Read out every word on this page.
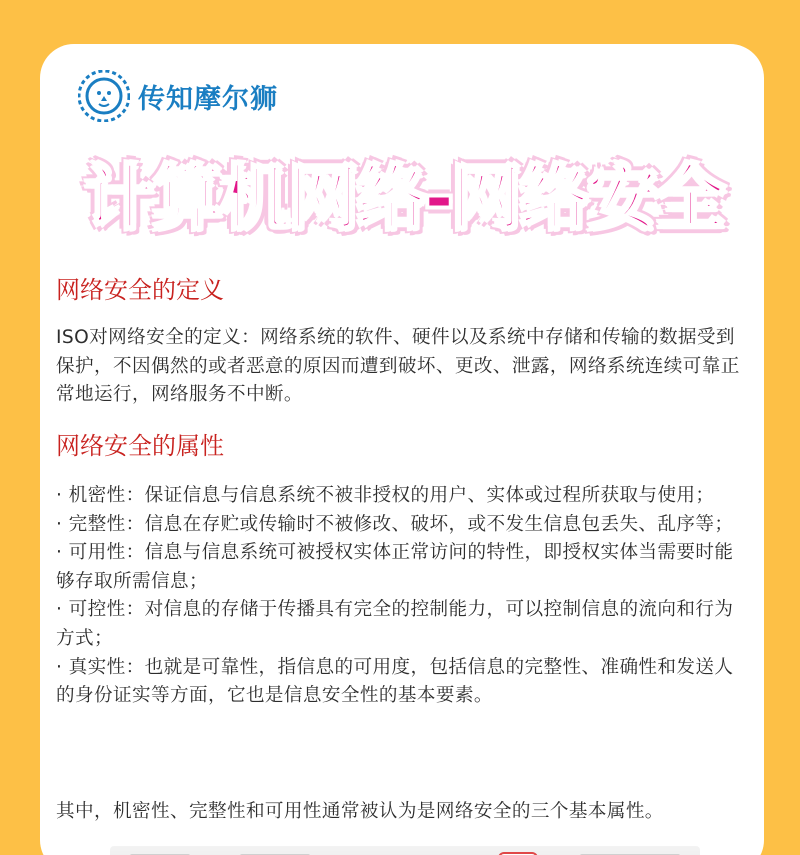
传知摩尔狮
计算机网络-网络安全
网络安全的定义
ISO对网络安全的定义：网络系统的软件、硬件以及系统中存储和传输的数据受到保护，不因偶然的或者恶意的原因而遭到破坏、更改、泄露，网络系统连续可靠正常地运行，网络服务不中断。
网络安全的属性
· 机密性：保证信息与信息系统不被非授权的用户、实体或过程所获取与使用；
· 完整性：信息在存贮或传输时不被修改、破坏，或不发生信息包丢失、乱序等；
· 可用性：信息与信息系统可被授权实体正常访问的特性，即授权实体当需要时能够存取所需信息；
· 可控性：对信息的存储于传播具有完全的控制能力，可以控制信息的流向和行为方式；
· 真实性：也就是可靠性，指信息的可用度，包括信息的完整性、准确性和发送人的身份证实等方面，它也是信息安全性的基本要素。
其中，机密性、完整性和可用性通常被认为是网络安全的三个基本属性。
